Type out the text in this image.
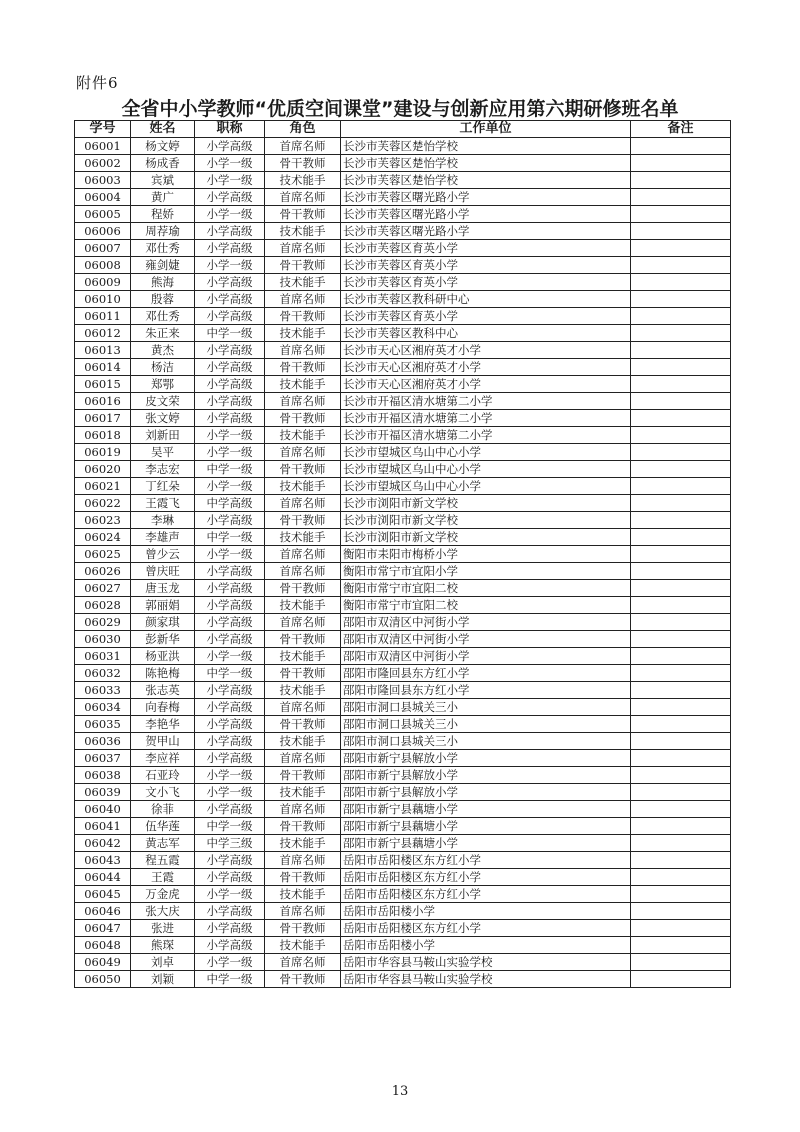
附件6
全省中小学教师“优质空间课堂”建设与创新应用第六期研修班名单
学号	姓名	职称	角色	工作单位	备注
06001	杨文婷	小学高级	首席名师	长沙市芙蓉区楚怡学校	
06002	杨成香	小学一级	骨干教师	长沙市芙蓉区楚怡学校	
06003	宾斌	小学一级	技术能手	长沙市芙蓉区楚怡学校	
06004	黄广	小学高级	首席名师	长沙市芙蓉区曙光路小学	
06005	程娇	小学一级	骨干教师	长沙市芙蓉区曙光路小学	
06006	周荐瑜	小学高级	技术能手	长沙市芙蓉区曙光路小学	
06007	邓仕秀	小学高级	首席名师	长沙市芙蓉区育英小学	
06008	雍剑婕	小学一级	骨干教师	长沙市芙蓉区育英小学	
06009	熊海	小学高级	技术能手	长沙市芙蓉区育英小学	
06010	殷蓉	小学高级	首席名师	长沙市芙蓉区教科研中心	
06011	邓仕秀	小学高级	骨干教师	长沙市芙蓉区育英小学	
06012	朱正来	中学一级	技术能手	长沙市芙蓉区教科中心	
06013	黄杰	小学高级	首席名师	长沙市天心区湘府英才小学	
06014	杨洁	小学高级	骨干教师	长沙市天心区湘府英才小学	
06015	郑鄂	小学高级	技术能手	长沙市天心区湘府英才小学	
06016	皮文荣	小学高级	首席名师	长沙市开福区清水塘第二小学	
06017	张文婷	小学高级	骨干教师	长沙市开福区清水塘第二小学	
06018	刘新田	小学一级	技术能手	长沙市开福区清水塘第二小学	
06019	吴平	小学一级	首席名师	长沙市望城区乌山中心小学	
06020	李志宏	中学一级	骨干教师	长沙市望城区乌山中心小学	
06021	丁红朵	小学一级	技术能手	长沙市望城区乌山中心小学	
06022	王霞飞	中学高级	首席名师	长沙市浏阳市新文学校	
06023	李琳	小学高级	骨干教师	长沙市浏阳市新文学校	
06024	李雄声	中学一级	技术能手	长沙市浏阳市新文学校	
06025	曾少云	小学一级	首席名师	衡阳市耒阳市梅桥小学	
06026	曾庆旺	小学高级	首席名师	衡阳市常宁市宜阳小学	
06027	唐玉龙	小学高级	骨干教师	衡阳市常宁市宜阳二校	
06028	郭丽娟	小学高级	技术能手	衡阳市常宁市宜阳二校	
06029	颜家琪	小学高级	首席名师	邵阳市双清区中河街小学	
06030	彭新华	小学高级	骨干教师	邵阳市双清区中河街小学	
06031	杨亚洪	小学一级	技术能手	邵阳市双清区中河街小学	
06032	陈艳梅	中学一级	骨干教师	邵阳市隆回县东方红小学	
06033	张志英	小学高级	技术能手	邵阳市隆回县东方红小学	
06034	向春梅	小学高级	首席名师	邵阳市洞口县城关三小	
06035	李艳华	小学高级	骨干教师	邵阳市洞口县城关三小	
06036	贺甲山	小学高级	技术能手	邵阳市洞口县城关三小	
06037	李应祥	小学高级	首席名师	邵阳市新宁县解放小学	
06038	石亚玲	小学一级	骨干教师	邵阳市新宁县解放小学	
06039	文小飞	小学一级	技术能手	邵阳市新宁县解放小学	
06040	徐菲	小学高级	首席名师	邵阳市新宁县藕塘小学	
06041	伍华莲	中学一级	骨干教师	邵阳市新宁县藕塘小学	
06042	黄志军	中学三级	技术能手	邵阳市新宁县藕塘小学	
06043	程五霞	小学高级	首席名师	岳阳市岳阳楼区东方红小学	
06044	王霞	小学高级	骨干教师	岳阳市岳阳楼区东方红小学	
06045	万金虎	小学一级	技术能手	岳阳市岳阳楼区东方红小学	
06046	张大庆	小学高级	首席名师	岳阳市岳阳楼小学	
06047	张进	小学高级	骨干教师	岳阳市岳阳楼区东方红小学	
06048	熊琛	小学高级	技术能手	岳阳市岳阳楼小学	
06049	刘卓	小学一级	首席名师	岳阳市华容县马鞍山实验学校	
06050	刘颖	中学一级	骨干教师	岳阳市华容县马鞍山实验学校	
13
